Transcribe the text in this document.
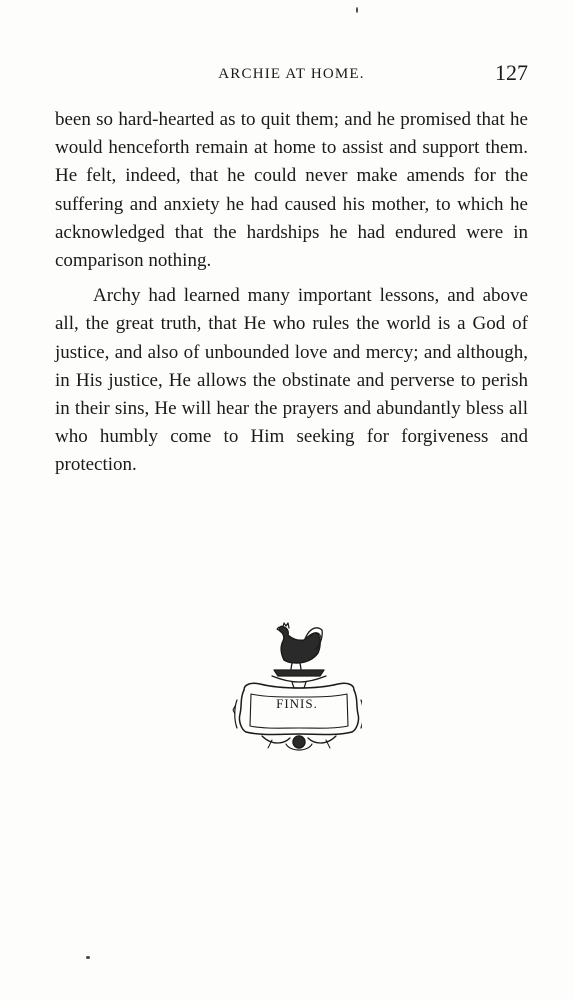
ARCHIE AT HOME.	127

been so hard-hearted as to quit them; and he promised that he would henceforth remain at home to assist and support them. He felt, indeed, that he could never make amends for the suffering and anxiety he had caused his mother, to which he acknowledged that the hardships he had endured were in comparison nothing.

Archy had learned many important lessons, and above all, the great truth, that He who rules the world is a God of justice, and also of unbounded love and mercy; and although, in His justice, He allows the obstinate and perverse to perish in their sins, He will hear the prayers and abundantly bless all who humbly come to Him seeking for forgiveness and protection.

FINIS.
